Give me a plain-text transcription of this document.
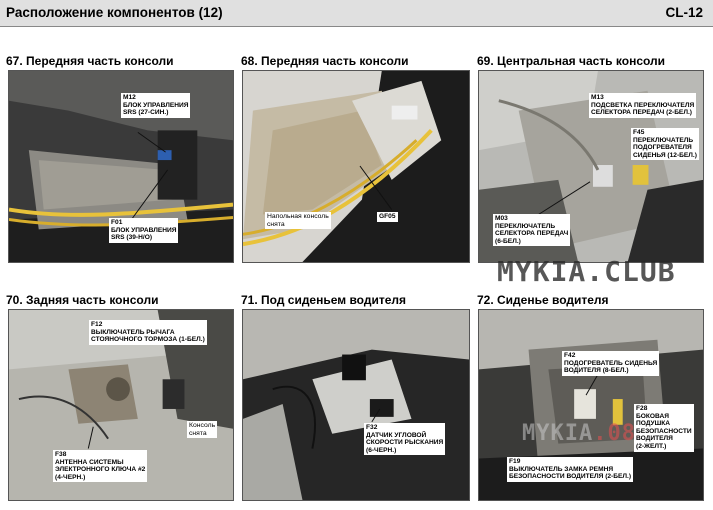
Расположение компонентов (12)	CL-12
67. Передняя часть консоли
M12
БЛОК УПРАВЛЕНИЯ
SRS (27-СИН.)
F01
БЛОК УПРАВЛЕНИЯ
SRS (39-Н/О)
68. Передняя часть консоли
Напольная консоль
снята
GF05
69. Центральная часть консоли
M13
ПОДСВЕТКА ПЕРЕКЛЮЧАТЕЛЯ
СЕЛЕКТОРА ПЕРЕДАЧ (2-БЕЛ.)
F45
ПЕРЕКЛЮЧАТЕЛЬ
ПОДОГРЕВАТЕЛЯ
СИДЕНЬЯ (12-БЕЛ.)
M03
ПЕРЕКЛЮЧАТЕЛЬ
СЕЛЕКТОРА ПЕРЕДАЧ
(6-БЕЛ.)
70. Задняя часть консоли
F12
ВЫКЛЮЧАТЕЛЬ РЫЧАГА
СТОЯНОЧНОГО ТОРМОЗА (1-БЕЛ.)
Консоль
снята
F38
АНТЕННА СИСТЕМЫ
ЭЛЕКТРОННОГО КЛЮЧА #2
(4-ЧЕРН.)
71. Под сиденьем водителя
F32
ДАТЧИК УГЛОВОЙ
СКОРОСТИ РЫСКАНИЯ
(6-ЧЕРН.)
72. Сиденье водителя
F42
ПОДОГРЕВАТЕЛЬ СИДЕНЬЯ
ВОДИТЕЛЯ (8-БЕЛ.)
F28
БОКОВАЯ
ПОДУШКА
БЕЗОПАСНОСТИ
ВОДИТЕЛЯ
(2-ЖЕЛТ.)
F19
ВЫКЛЮЧАТЕЛЬ ЗАМКА РЕМНЯ
БЕЗОПАСНОСТИ ВОДИТЕЛЯ (2-БЕЛ.)
MYKIA.CLUB
MYKIA.08
